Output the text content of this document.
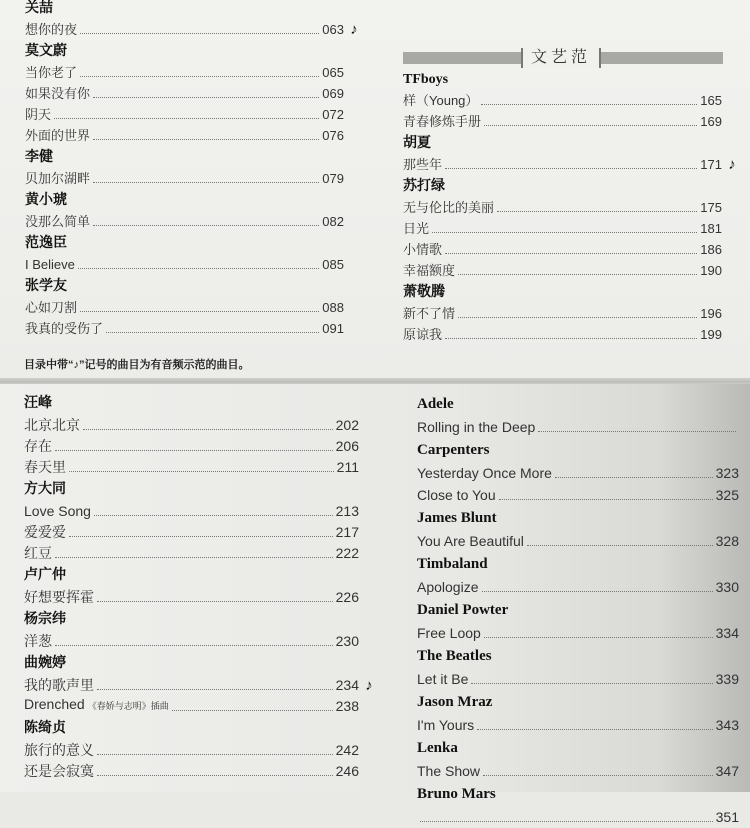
关喆
想你的夜	063 ♪
莫文蔚
当你老了	065
如果没有你	069
阴天	072
外面的世界	076
李健
贝加尔湖畔	079
黄小琥
没那么简单	082
范逸臣
I Believe	085
张学友
心如刀割	088
我真的受伤了	091
文艺范
TFboys
样（Young）	165
青春修炼手册	169
胡夏
那些年	171 ♪
苏打绿
无与伦比的美丽	175
日光	181
小情歌	186
幸福额度	190
萧敬腾
新不了情	196
原谅我	199
目录中带“♪”记号的曲目为有音频示范的曲目。
汪峰
北京北京	202
存在	206
春天里	211
方大同
Love Song	213
爱爱爱	217
红豆	222
卢广仲
好想要挥霍	226
杨宗纬
洋葱	230
曲婉婷
我的歌声里	234 ♪
Drenched 《春娇与志明》插曲	238
陈绮贞
旅行的意义	242
还是会寂寞	246
Adele
Rolling in the Deep
Carpenters
Yesterday Once More	323
Close to You	325
James Blunt
You Are Beautiful	328
Timbaland
Apologize	330
Daniel Powter
Free Loop	334
The Beatles
Let it Be	339
Jason Mraz
I'm Yours	343
Lenka
The Show	347
Bruno Mars
351
